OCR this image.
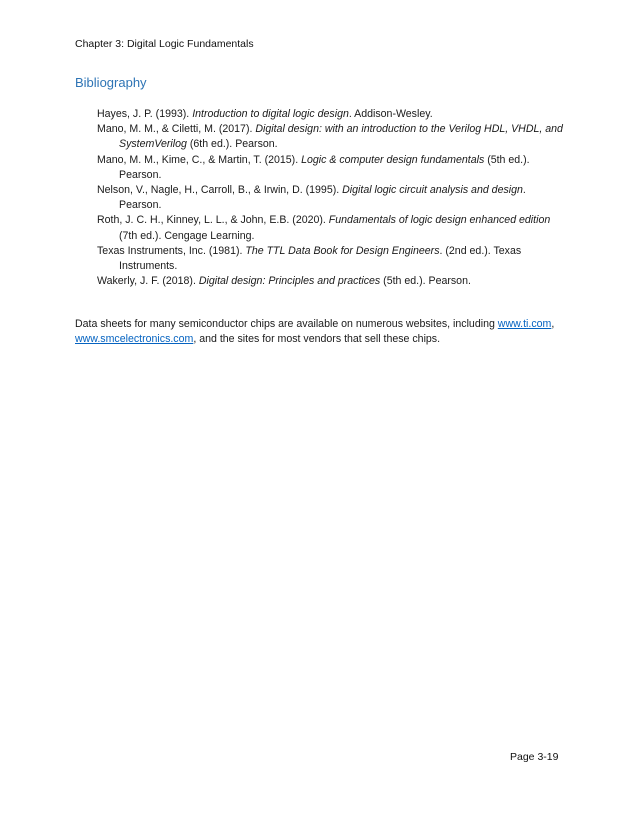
Chapter 3: Digital Logic Fundamentals
Bibliography
Hayes, J. P. (1993). Introduction to digital logic design. Addison-Wesley.
Mano, M. M., & Ciletti, M. (2017). Digital design: with an introduction to the Verilog HDL, VHDL, and SystemVerilog (6th ed.). Pearson.
Mano, M. M., Kime, C., & Martin, T. (2015). Logic & computer design fundamentals (5th ed.). Pearson.
Nelson, V., Nagle, H., Carroll, B., & Irwin, D. (1995). Digital logic circuit analysis and design. Pearson.
Roth, J. C. H., Kinney, L. L., & John, E.B. (2020). Fundamentals of logic design enhanced edition (7th ed.). Cengage Learning.
Texas Instruments, Inc. (1981). The TTL Data Book for Design Engineers. (2nd ed.). Texas Instruments.
Wakerly, J. F. (2018). Digital design: Principles and practices (5th ed.). Pearson.

Data sheets for many semiconductor chips are available on numerous websites, including www.ti.com, www.smcelectronics.com, and the sites for most vendors that sell these chips.

Page 3-19
